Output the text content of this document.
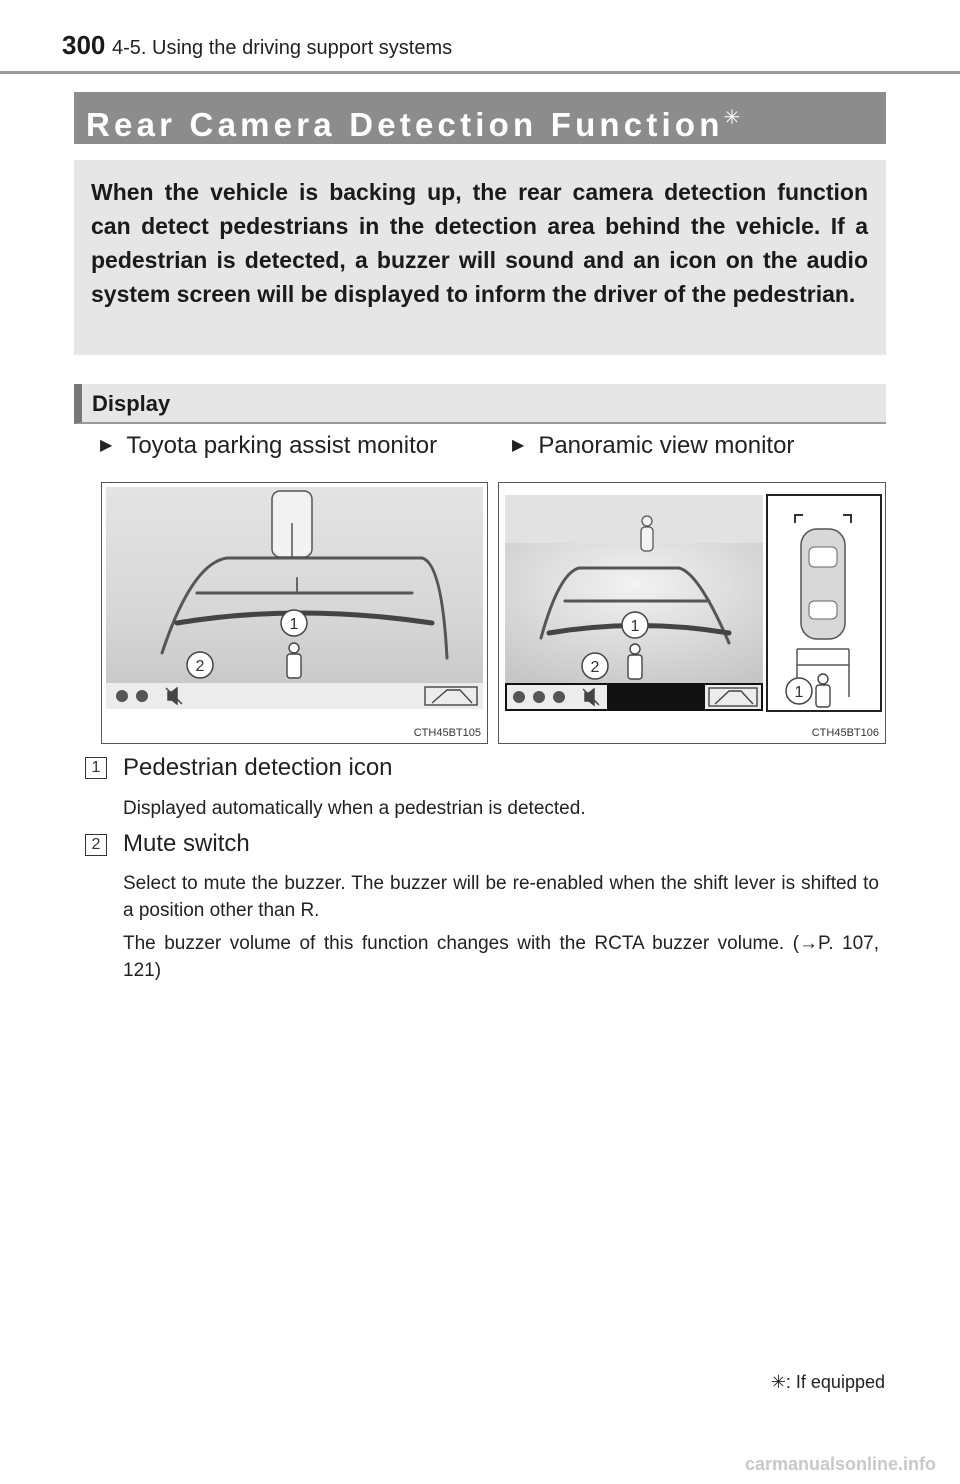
300 4-5. Using the driving support systems
Rear Camera Detection Function✳
When the vehicle is backing up, the rear camera detection function can detect pedestrians in the detection area behind the vehicle. If a pedestrian is detected, a buzzer will sound and an icon on the audio system screen will be displayed to inform the driver of the pedestrian.
Display
▶ Toyota parking assist monitor	▶ Panoramic view monitor
1
2
CTH45BT105
1
2
1
CTH45BT106
1 Pedestrian detection icon
Displayed automatically when a pedestrian is detected.
2 Mute switch
Select to mute the buzzer. The buzzer will be re-enabled when the shift lever is shifted to a position other than R.
The buzzer volume of this function changes with the RCTA buzzer volume. (→P. 107, 121)
✳: If equipped
carmanualsonline.info
